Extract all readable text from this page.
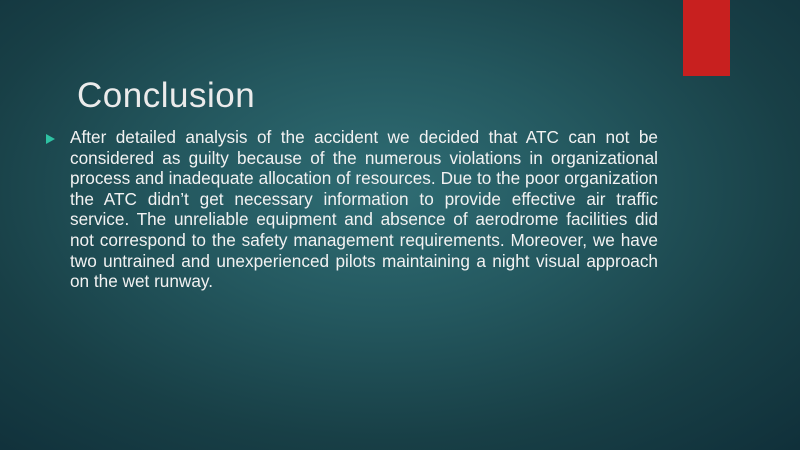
Conclusion

After detailed analysis of the accident we decided that ATC can not be considered as guilty because of the numerous violations in organizational process and inadequate allocation of resources. Due to the poor organization the ATC didn’t get necessary information to provide effective air traffic service. The unreliable equipment and absence of aerodrome facilities did not correspond to the safety management requirements. Moreover, we have two untrained and unexperienced pilots maintaining a night visual approach on the wet runway.
